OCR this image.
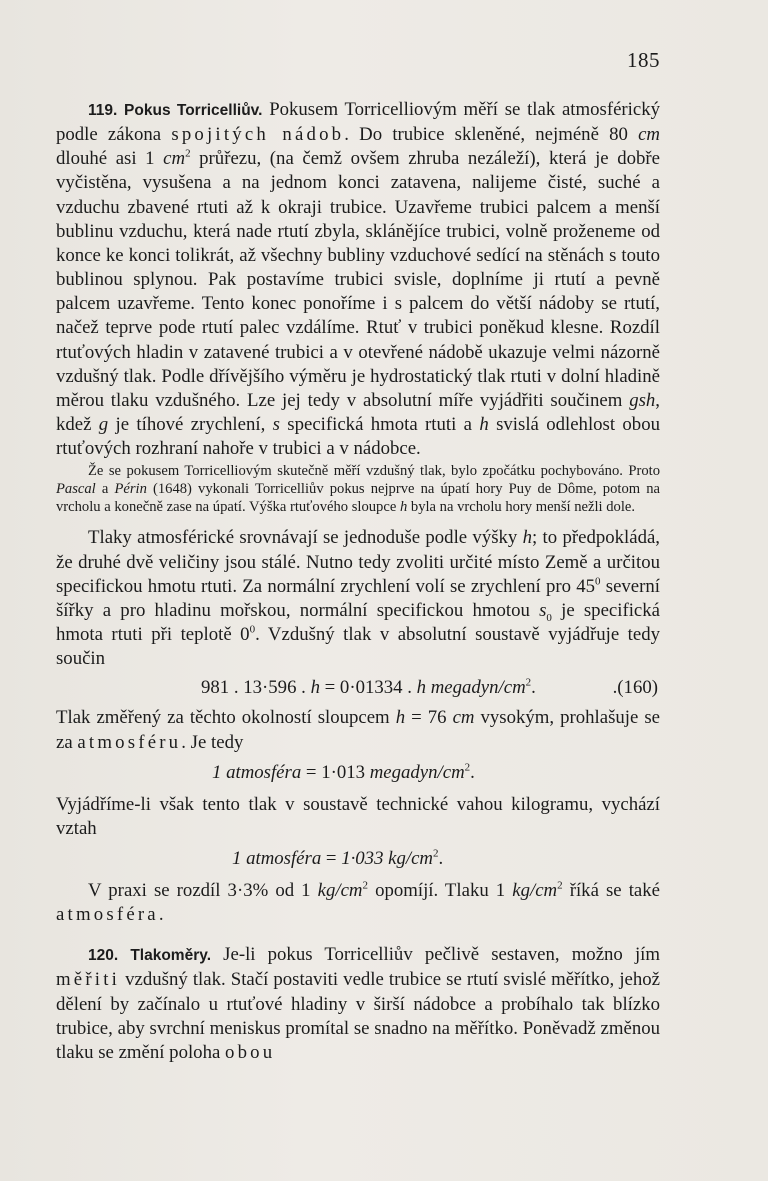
185

119. Pokus Torricelliův. Pokusem Torricelliovým měří se tlak atmosférický podle zákona spojitých nádob. Do trubice skleněné, nejméně 80 cm dlouhé asi 1 $cm^2$ průřezu, (na čemž ovšem zhruba nezáleží), která je dobře vyčistěna, vysušena a na jednom konci zatavena, nalijeme čisté, suché a vzduchu zbavené rtuti až k okraji trubice. Uzavřeme trubici palcem a menší bublinu vzduchu, která nade rtutí zbyla, sklánějíce trubici, volně proženeme od konce ke konci tolikrát, až všechny bubliny vzduchové sedící na stěnách s touto bublinou splynou. Pak postavíme trubici svisle, doplníme ji rtutí a pevně palcem uzavřeme. Tento konec ponoříme i s palcem do větší nádoby se rtutí, načež teprve pode rtutí palec vzdálíme. Rtuť v trubici poněkud klesne. Rozdíl rtuťových hladin v zatavené trubici a v otevřené nádobě ukazuje velmi názorně vzdušný tlak. Podle dřívějšího výměru je hydrostatický tlak rtuti v dolní hladině měrou tlaku vzdušného. Lze jej tedy v absolutní míře vyjádřiti součinem gsh, kdež g je tíhové zrychlení, s specifická hmota rtuti a h svislá odlehlost obou rtuťových rozhraní nahoře v trubici a v nádobce.

Že se pokusem Torricelliovým skutečně měří vzdušný tlak, bylo zpočátku pochybováno. Proto Pascal a Périn (1648) vykonali Torricelliův pokus nejprve na úpatí hory Puy de Dôme, potom na vrcholu a konečně zase na úpatí. Výška rtuťového sloupce h byla na vrcholu hory menší nežli dole.

Tlaky atmosférické srovnávají se jednoduše podle výšky h; to předpokládá, že druhé dvě veličiny jsou stálé. Nutno tedy zvoliti určité místo Země a určitou specifickou hmotu rtuti. Za normální zrychlení volí se zrychlení pro $45^0$ severní šířky a pro hladinu mořskou, normální specifickou hmotou $s_0$ je specifická hmota rtuti při teplotě $0^0$. Vzdušný tlak v absolutní soustavě vyjádřuje tedy součin

981 . 13·596 . h = 0·01334 . h megadyn/$cm^2$.	.(160)

Tlak změřený za těchto okolností sloupcem h = 76 cm vysokým, prohlašuje se za atmosféru. Je tedy

1 atmosféra = 1·013 megadyn/$cm^2$.

Vyjádříme-li však tento tlak v soustavě technické vahou kilogramu, vychází vztah

1 atmosféra = 1·033 $kg/cm^2$.

V praxi se rozdíl 3·3% od 1 $kg/cm^2$ opomíjí. Tlaku 1 $kg/cm^2$ říká se také atmosféra.

120. Tlakoměry. Je-li pokus Torricelliův pečlivě sestaven, možno jím měřiti vzdušný tlak. Stačí postaviti vedle trubice se rtutí svislé měřítko, jehož dělení by začínalo u rtuťové hladiny v širší nádobce a probíhalo tak blízko trubice, aby svrchní meniskus promítal se snadno na měřítko. Poněvadž změnou tlaku se změní poloha obou
